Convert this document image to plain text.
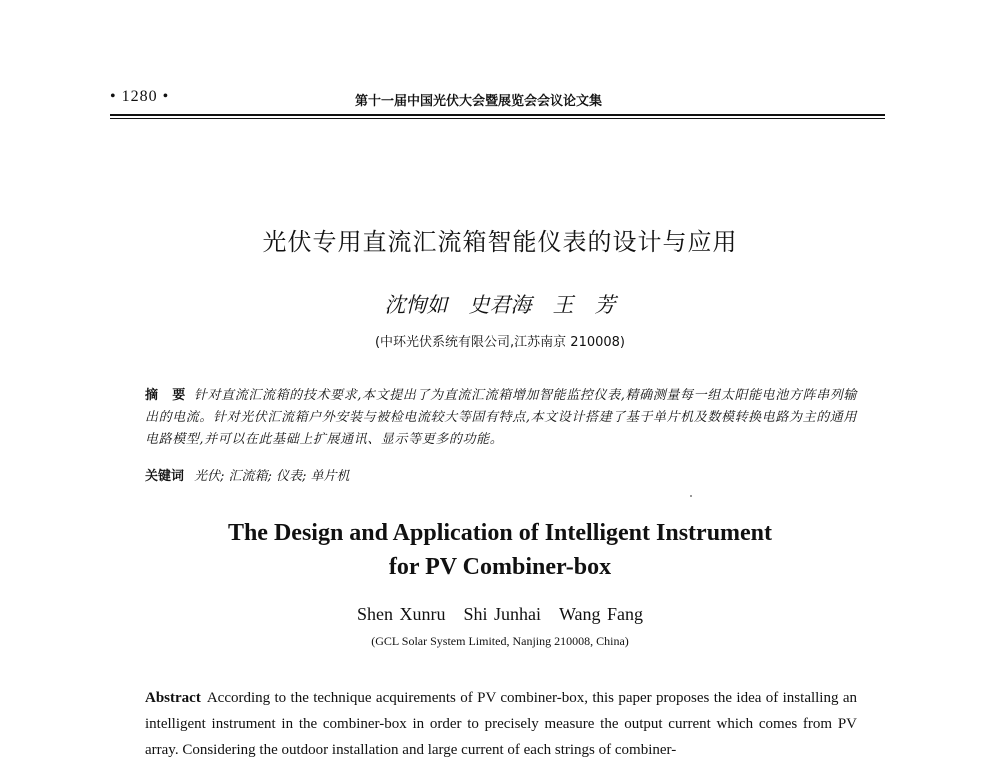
• 1280 •	第十一届中国光伏大会暨展览会会议论文集
光伏专用直流汇流箱智能仪表的设计与应用
沈恂如　史君海　王　芳
(中环光伏系统有限公司,江苏南京 210008)
摘　要 针对直流汇流箱的技术要求,本文提出了为直流汇流箱增加智能监控仪表,精确测量每一组太阳能电池方阵串列输出的电流。针对光伏汇流箱户外安装与被检电流较大等固有特点,本文设计搭建了基于单片机及数模转换电路为主的通用电路模型,并可以在此基础上扩展通讯、显示等更多的功能。
关键词 光伏; 汇流箱; 仪表; 单片机
The Design and Application of Intelligent Instrument
for PV Combiner-box
Shen Xunru　Shi Junhai　Wang Fang
(GCL Solar System Limited, Nanjing 210008, China)
Abstract According to the technique acquirements of PV combiner-box, this paper proposes the idea of installing an intelligent instrument in the combiner-box in order to precisely measure the output current which comes from PV array. Considering the outdoor installation and large current of each strings of combiner-
